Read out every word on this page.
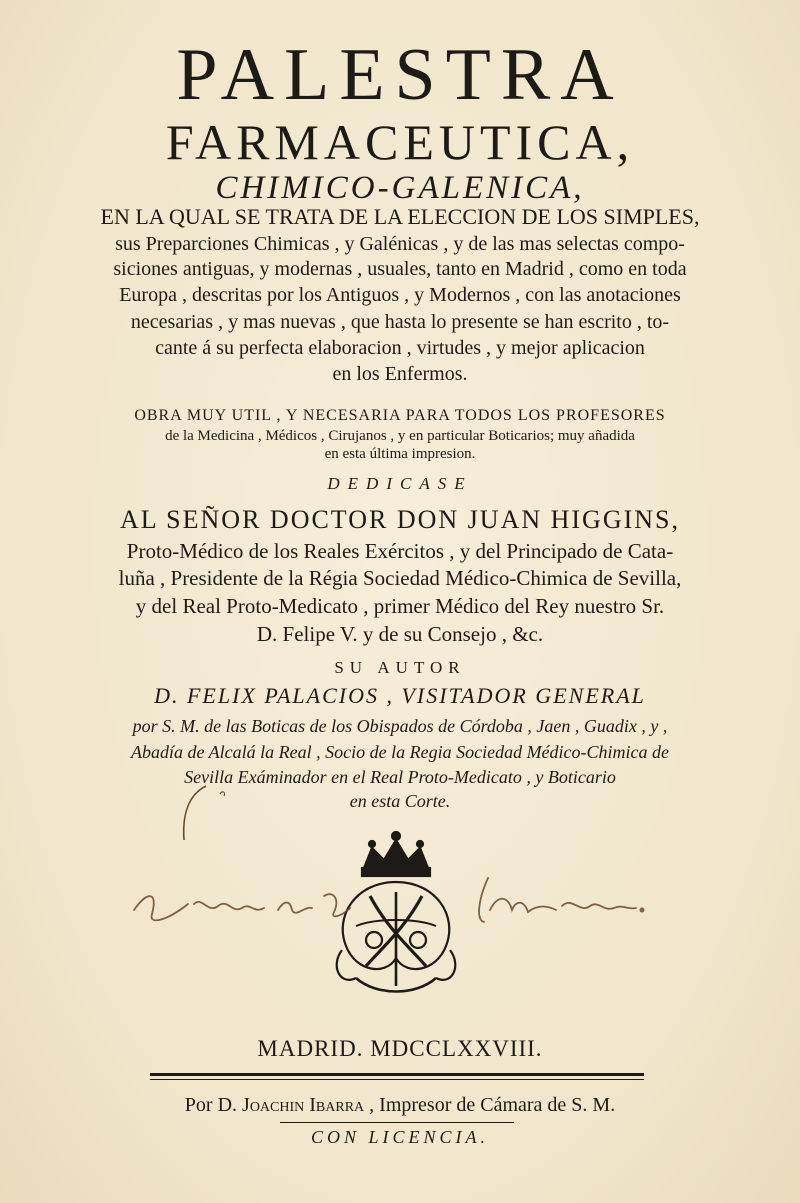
PALESTRA
FARMACEUTICA,
CHIMICO-GALENICA,
EN LA QUAL SE TRATA DE LA ELECCION DE LOS SIMPLES,
sus Preparciones Chimicas , y Galénicas , y de las mas selectas compo-
siciones antiguas, y modernas , usuales, tanto en Madrid , como en toda
Europa , descritas por los Antiguos , y Modernos , con las anotaciones
necesarias , y mas nuevas , que hasta lo presente se han escrito , to-
cante á su perfecta elaboracion , virtudes , y mejor aplicacion
en los Enfermos.
OBRA MUY UTIL , Y NECESARIA PARA TODOS LOS PROFESORES
de la Medicina , Médicos , Cirujanos , y en particular Boticarios; muy añadida
en esta última impresion.
DEDICASE
AL SEÑOR DOCTOR DON JUAN HIGGINS,
Proto-Médico de los Reales Exércitos , y del Principado de Cata-
luña , Presidente de la Régia Sociedad Médico-Chimica de Sevilla,
y del Real Proto-Medicato , primer Médico del Rey nuestro Sr.
D. Felipe V. y de su Consejo , &c.
SU AUTOR
D. FELIX PALACIOS , VISITADOR GENERAL
por S. M. de las Boticas de los Obispados de Córdoba , Jaen , Guadix , y ,
Abadía de Alcalá la Real , Socio de la Regia Sociedad Médico-Chimica de
Sevilla Exáminador en el Real Proto-Medicato , y Boticario
en esta Corte.
MADRID. MDCCLXXVIII.
Por D. Joachin Ibarra , Impresor de Cámara de S. M.
CON LICENCIA.
